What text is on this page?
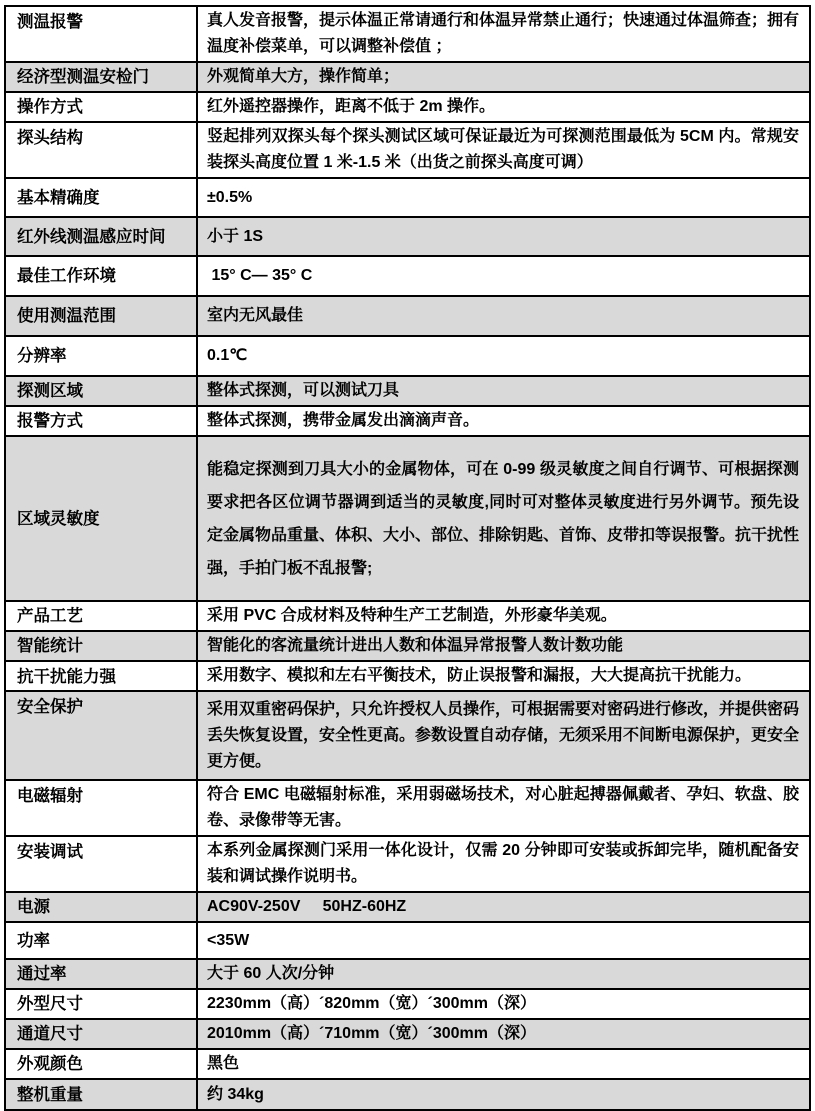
测温报警	真人发音报警，提示体温正常请通行和体温异常禁止通行；快速通过体温筛查；拥有温度补偿菜单，可以调整补偿值 ；
经济型测温安检门	外观简单大方，操作简单；
操作方式	红外遥控器操作，距离不低于 2m 操作。
探头结构	竖起排列双探头每个探头测试区域可保证最近为可探测范围最低为 5CM 内。常规安装探头高度位置 1 米-1.5 米（出货之前探头高度可调）
基本精确度	±0.5%
红外线测温感应时间	小于 1S
最佳工作环境	15° C— 35° C
使用测温范围	室内无风最佳
分辨率	0.1℃
探测区域	整体式探测，可以测试刀具
报警方式	整体式探测，携带金属发出滴滴声音。
区域灵敏度	能稳定探测到刀具大小的金属物体，可在 0-99 级灵敏度之间自行调节、可根据探测要求把各区位调节器调到适当的灵敏度,同时可对整体灵敏度进行另外调节。预先设定金属物品重量、体积、大小、部位、排除钥匙、首饰、皮带扣等误报警。抗干扰性强，手拍门板不乱报警;
产品工艺	采用 PVC 合成材料及特种生产工艺制造，外形豪华美观。
智能统计	智能化的客流量统计进出人数和体温异常报警人数计数功能
抗干扰能力强	采用数字、模拟和左右平衡技术，防止误报警和漏报，大大提高抗干扰能力。
安全保护	采用双重密码保护，只允许授权人员操作，可根据需要对密码进行修改，并提供密码丢失恢复设置，安全性更高。参数设置自动存储，无须采用不间断电源保护，更安全更方便。
电磁辐射	符合 EMC 电磁辐射标准，采用弱磁场技术，对心脏起搏器佩戴者、孕妇、软盘、胶卷、录像带等无害。
安装调试	本系列金属探测门采用一体化设计，仅需 20 分钟即可安装或拆卸完毕，随机配备安装和调试操作说明书。
电源	AC90V-250V     50HZ-60HZ
功率	<35W
通过率	大于 60 人次/分钟
外型尺寸	2230mm（高）´820mm（宽）´300mm（深）
通道尺寸	2010mm（高）´710mm（宽）´300mm（深）
外观颜色	黑色
整机重量	约 34kg
